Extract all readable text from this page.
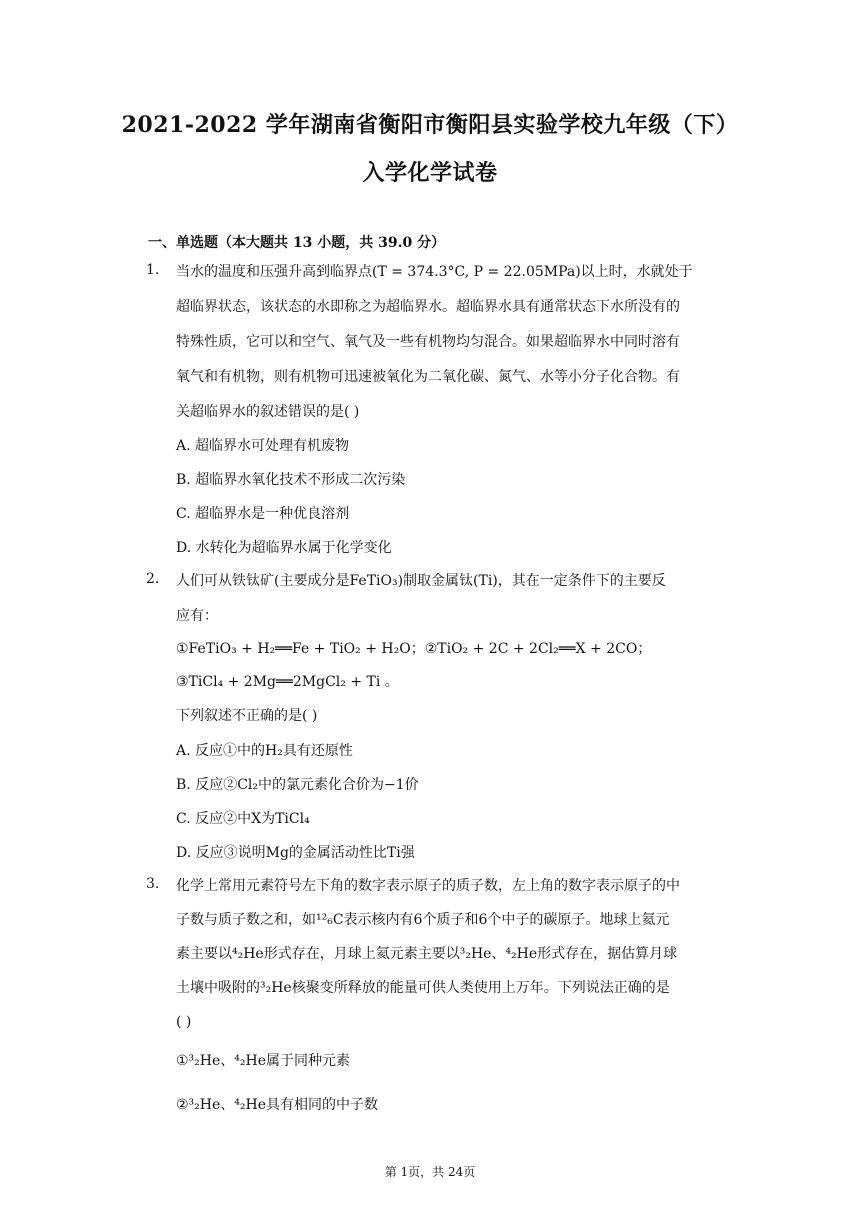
2021-2022 学年湖南省衡阳市衡阳县实验学校九年级（下）
入学化学试卷
一、单选题（本大题共 13 小题，共 39.0 分）
1. 当水的温度和压强升高到临界点(T = 374.3°C, P = 22.05MPa)以上时，水就处于
超临界状态，该状态的水即称之为超临界水。超临界水具有通常状态下水所没有的
特殊性质，它可以和空气、氧气及一些有机物均匀混合。如果超临界水中同时溶有
氧气和有机物，则有机物可迅速被氧化为二氧化碳、氮气、水等小分子化合物。有
关超临界水的叙述错误的是( )
A. 超临界水可处理有机废物
B. 超临界水氧化技术不形成二次污染
C. 超临界水是一种优良溶剂
D. 水转化为超临界水属于化学变化
2. 人们可从铁钛矿(主要成分是FeTiO₃)制取金属钛(Ti)，其在一定条件下的主要反
应有：
①FeTiO₃ + H₂══Fe + TiO₂ + H₂O；②TiO₂ + 2C + 2Cl₂══X + 2CO；
③TiCl₄ + 2Mg══2MgCl₂ + Ti 。
下列叙述不正确的是( )
A. 反应①中的H₂具有还原性
B. 反应②Cl₂中的氯元素化合价为−1价
C. 反应②中X为TiCl₄
D. 反应③说明Mg的金属活动性比Ti强
3. 化学上常用元素符号左下角的数字表示原子的质子数，左上角的数字表示原子的中
子数与质子数之和，如¹²₆C表示核内有6个质子和6个中子的碳原子。地球上氦元
素主要以⁴₂He形式存在，月球上氦元素主要以³₂He、⁴₂He形式存在，据估算月球
土壤中吸附的³₂He核聚变所释放的能量可供人类使用上万年。下列说法正确的是
( )
①³₂He、⁴₂He属于同种元素
②³₂He、⁴₂He具有相同的中子数
第 1页，共 24页
